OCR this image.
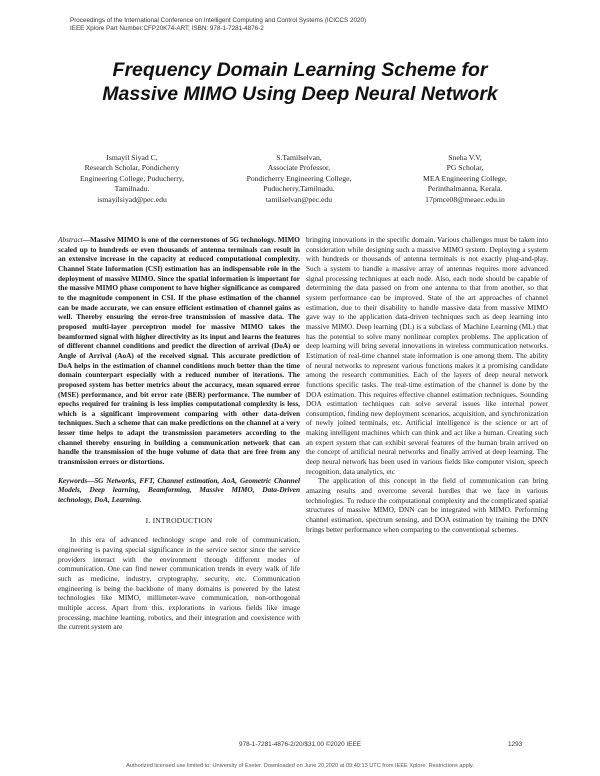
Proceedings of the International Conference on Intelligent Computing and Control Systems (ICICCS 2020)
IEEE Xplore Part Number:CFP20K74-ART; ISBN: 978-1-7281-4876-2
Frequency Domain Learning Scheme for
Massive MIMO Using Deep Neural Network
Ismayil Siyad C,
Research Scholar, Pondicherry
Engineering College, Puducherry,
Tamilnadu.
ismayilsiyad@pec.edu
S.Tamilselvan,
Associate Professor,
Pondicherry Engineering College,
Puducherry,Tamilnadu.
tamilselvan@pec.edu
Sneha V.V,
PG Scholar,
MEA Engineering College,
Perinthalmanna, Kerala.
17pmce08@meaec.edu.in

Abstract—Massive MIMO is one of the cornerstones of 5G technology. MIMO scaled up to hundreds or even thousands of antenna terminals can result in an extensive increase in the capacity at reduced computational complexity. Channel State Information (CSI) estimation has an indispensable role in the deployment of massive MIMO. Since the spatial information is important for the massive MIMO phase component to have higher significance as compared to the magnitude component in CSI. If the phase estimation of the channel can be made accurate, we can ensure efficient estimation of channel gains as well. Thereby ensuring the error-free transmission of massive data. The proposed multi-layer perceptron model for massive MIMO takes the beamformed signal with higher directivity as its input and learns the features of different channel conditions and predict the direction of arrival (DoA) or Angle of Arrival (AoA) of the received signal. This accurate prediction of DoA helps in the estimation of channel conditions much better than the time domain counterpart especially with a reduced number of iterations. The proposed system has better metrics about the accuracy, mean squared error (MSE) performance, and bit error rate (BER) performance. The number of epochs required for training is less implies computational complexity is less, which is a significant improvement comparing with other data-driven techniques. Such a scheme that can make predictions on the channel at a very lesser time helps to adapt the transmission parameters according to the channel thereby ensuring in building a communication network that can handle the transmission of the huge volume of data that are free from any transmission errors or distortions.

Keywords—5G Networks, FFT, Channel estimation, AoA, Geometric Channel Models, Deep learning, Beamforming, Massive MIMO, Data-Driven technology, DoA, Learning.

I. INTRODUCTION

In this era of advanced technology scope and role of communication, engineering is paving special significance in the service sector since the service providers interact with the environment through different modes of communication. One can find newer communication trends in every walk of life such as medicine, industry, cryptography, security, etc. Communication engineering is being the backbone of many domains is powered by the latest technologies like MIMO, millimeter-wave communication, non-orthogonal multiple access. Apart from this, explorations in various fields like image processing, machine learning, robotics, and their integration and coexistence with the current system are

bringing innovations in the specific domain. Various challenges must be taken into consideration while designing such a massive MIMO system. Deploying a system with hundreds or thousands of antenna terminals is not exactly plug-and-play. Such a system to handle a massive array of antennas requires more advanced signal processing techniques at each node. Also, each node should be capable of determining the data passed on from one antenna to that from another, so that system performance can be improved. State of the art approaches of channel estimation, due to their disability to handle massive data from massive MIMO gave way to the application data-driven techniques such as deep learning into massive MIMO. Deep learning (DL) is a subclass of Machine Learning (ML) that has the potential to solve many nonlinear complex problems. The application of deep learning will bring several innovations in wireless communication networks. Estimation of real-time channel state information is one among them. The ability of neural networks to represent various functions makes it a promising candidate among the research communities. Each of the layers of deep neural network functions specific tasks. The real-time estimation of the channel is done by the DOA estimation. This requires effective channel estimation techniques. Sounding DOA estimation techniques can solve several issues like internal power consumption, finding new deployment scenarios, acquisition, and synchronization of newly joined terminals, etc. Artificial intelligence is the science or art of making intelligent machines which can think and act like a human. Creating such an expert system that can exhibit several features of the human brain arrived on the concept of artificial neural networks and finally arrived at deep learning. The deep neural network has been used in various fields like computer vision, speech recognition, data analytics, etc

The application of this concept in the field of communication can bring amazing results and overcome several hurdles that we face in various technologies. To reduce the computational complexity and the complicated spatial structures of massive MIMO, DNN can be integrated with MIMO. Performing channel estimation, spectrum sensing, and DOA estimation by training the DNN brings better performance when comparing to the conventional schemes.

978-1-7281-4876-2/20/$31.00 ©2020 IEEE	1293
Authorized licensed use limited to: University of Exeter. Downloaded on June 20,2020 at 09:40:13 UTC from IEEE Xplore. Restrictions apply.
